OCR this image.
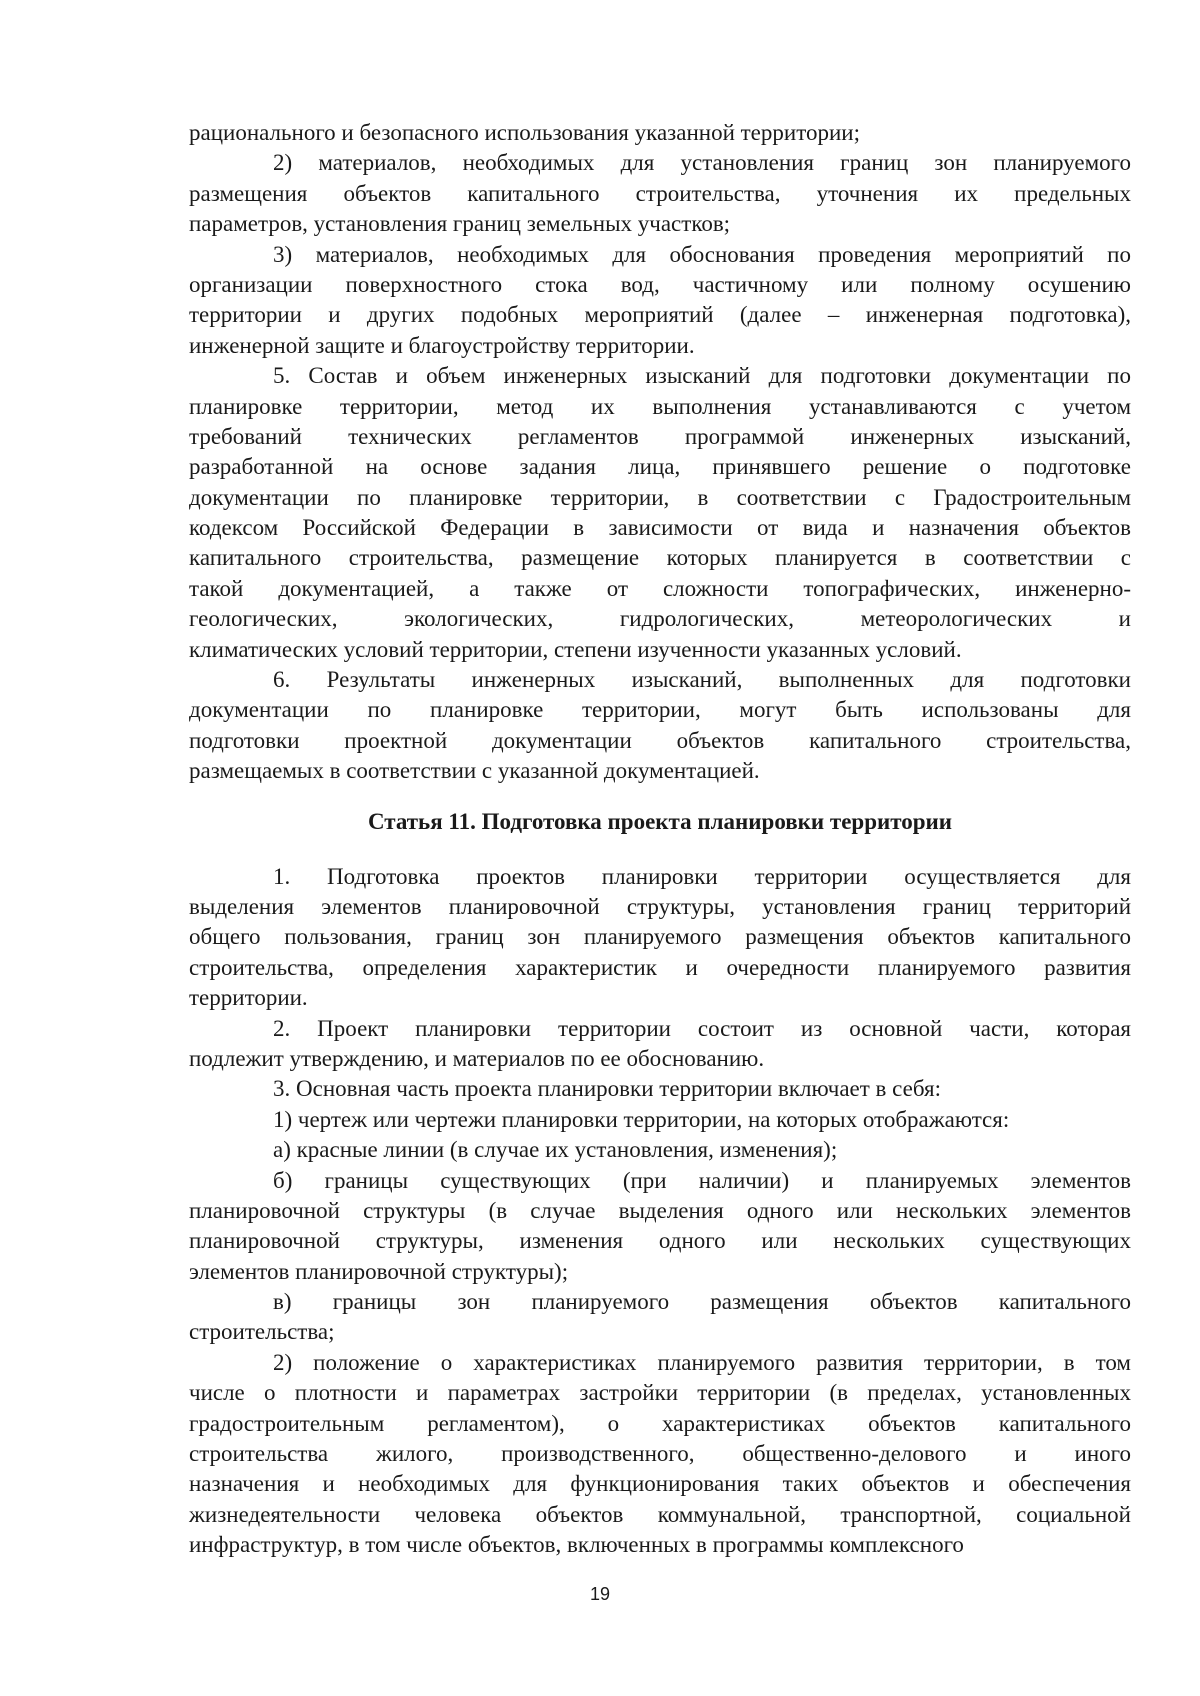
рационального и безопасного использования указанной территории;
2) материалов, необходимых для установления границ зон планируемого
размещения объектов капитального строительства, уточнения их предельных
параметров, установления границ земельных участков;
3) материалов, необходимых для обоснования проведения мероприятий по
организации поверхностного стока вод, частичному или полному осушению
территории и других подобных мероприятий (далее – инженерная подготовка),
инженерной защите и благоустройству территории.
5. Состав и объем инженерных изысканий для подготовки документации по
планировке территории, метод их выполнения устанавливаются с учетом
требований технических регламентов программой инженерных изысканий,
разработанной на основе задания лица, принявшего решение о подготовке
документации по планировке территории, в соответствии с Градостроительным
кодексом Российской Федерации в зависимости от вида и назначения объектов
капитального строительства, размещение которых планируется в соответствии с
такой документацией, а также от сложности топографических, инженерно-
геологических, экологических, гидрологических, метеорологических и
климатических условий территории, степени изученности указанных условий.
6. Результаты инженерных изысканий, выполненных для подготовки
документации по планировке территории, могут быть использованы для
подготовки проектной документации объектов капитального строительства,
размещаемых в соответствии с указанной документацией.
Статья 11. Подготовка проекта планировки территории
1. Подготовка проектов планировки территории осуществляется для
выделения элементов планировочной структуры, установления границ территорий
общего пользования, границ зон планируемого размещения объектов капитального
строительства, определения характеристик и очередности планируемого развития
территории.
2. Проект планировки территории состоит из основной части, которая
подлежит утверждению, и материалов по ее обоснованию.
3. Основная часть проекта планировки территории включает в себя:
1) чертеж или чертежи планировки территории, на которых отображаются:
а) красные линии (в случае их установления, изменения);
б) границы существующих (при наличии) и планируемых элементов
планировочной структуры (в случае выделения одного или нескольких элементов
планировочной структуры, изменения одного или нескольких существующих
элементов планировочной структуры);
в) границы зон планируемого размещения объектов капитального
строительства;
2) положение о характеристиках планируемого развития территории, в том
числе о плотности и параметрах застройки территории (в пределах, установленных
градостроительным регламентом), о характеристиках объектов капитального
строительства жилого, производственного, общественно-делового и иного
назначения и необходимых для функционирования таких объектов и обеспечения
жизнедеятельности человека объектов коммунальной, транспортной, социальной
инфраструктур, в том числе объектов, включенных в программы комплексного
19
